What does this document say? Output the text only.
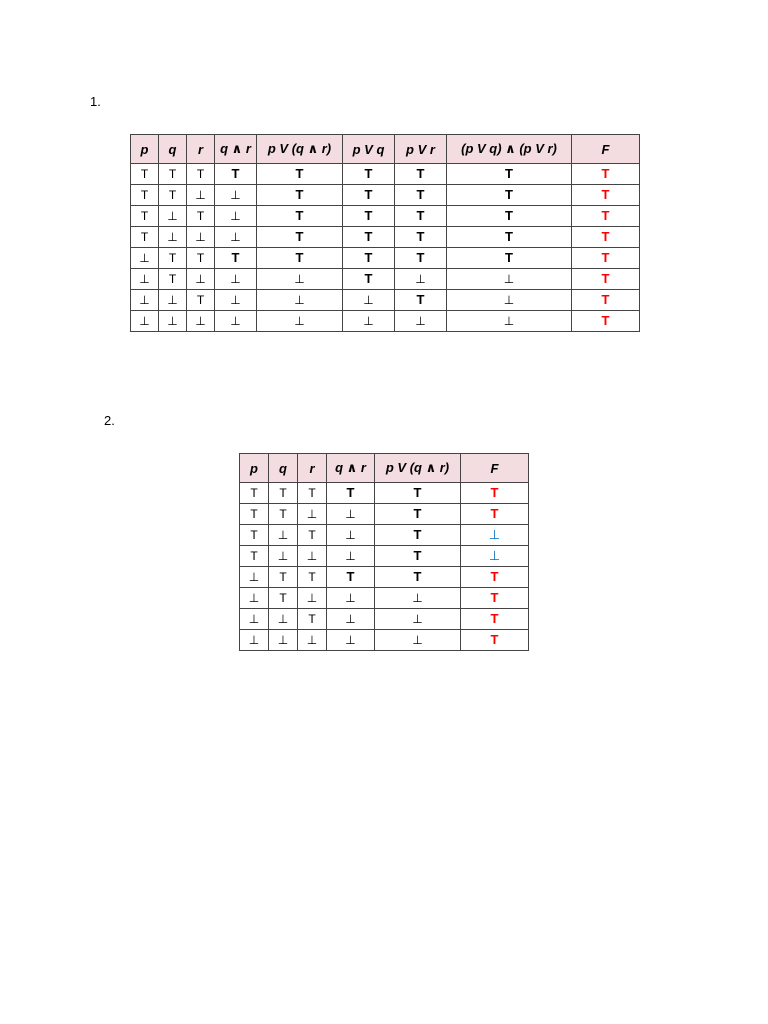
1.
p	q	r	q ∧ r	p V (q ∧ r)	p V q	p V r	(p V q) ∧ (p V r)	F
T	T	T	T	T	T	T	T	T
T	T	⊥	⊥	T	T	T	T	T
T	⊥	T	⊥	T	T	T	T	T
T	⊥	⊥	⊥	T	T	T	T	T
⊥	T	T	T	T	T	T	T	T
⊥	T	⊥	⊥	⊥	T	⊥	⊥	T
⊥	⊥	T	⊥	⊥	⊥	T	⊥	T
⊥	⊥	⊥	⊥	⊥	⊥	⊥	⊥	T
2.
p	q	r	q ∧ r	p V (q ∧ r)	F
T	T	T	T	T	T
T	T	⊥	⊥	T	T
T	⊥	T	⊥	T	⊥
T	⊥	⊥	⊥	T	⊥
⊥	T	T	T	T	T
⊥	T	⊥	⊥	⊥	T
⊥	⊥	T	⊥	⊥	T
⊥	⊥	⊥	⊥	⊥	T
